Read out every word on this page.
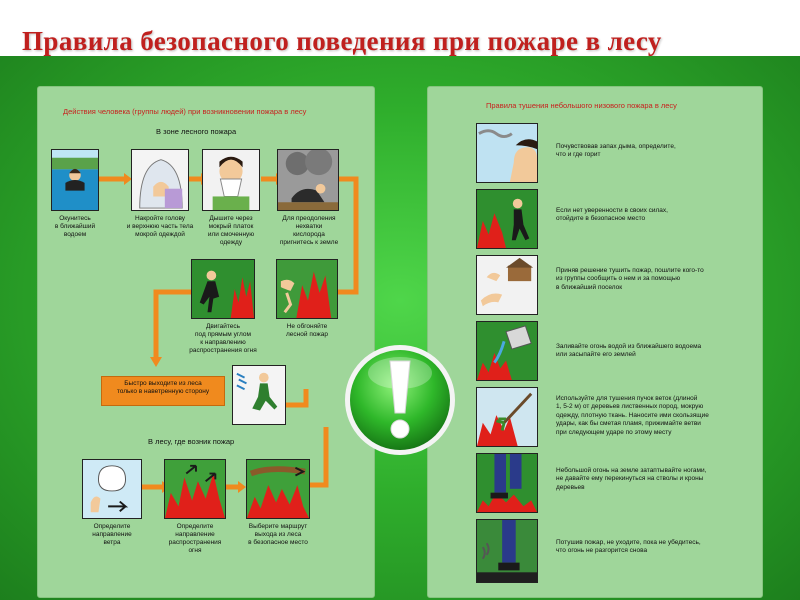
Правила безопасного поведения при пожаре в лесу
Действия человека (группы людей) при возникновении пожара в лесу
В зоне лесного пожара
Окунитесь
в ближайший
водоем
Накройте голову
и верхнюю часть тела
мокрой одеждой
Дышите через
мокрый платок
или смоченную
одежду
Для преодоления
нехватки
кислорода
пригнитесь к земле
Двигайтесь
под прямым углом
к направлению
распространения огня
Не обгоняйте
лесной пожар
Быстро выходите из леса
только в наветренную сторону
В лесу, где возник пожар
Определите
направление
ветра
Определите
направление
распространения
огня
Выберите маршрут
выхода из леса
в безопасное место
Правила тушения небольшого низового пожара в лесу
Почувствовав запах дыма, определите,
что и где горит
Если нет уверенности в своих силах,
отойдите в безопасное место
Приняв решение тушить пожар, пошлите кого-то
из группы сообщить о нем и за помощью
в ближайший поселок
Заливайте огонь водой из ближайшего водоема
или засыпайте его землей
Используйте для тушения пучок веток (длиной
1, 5-2 м) от деревьев лиственных пород, мокрую
одежду, плотную ткань. Наносите ими скользящие
удары, как бы сметая пламя, прижимайте ветви
при следующем ударе по этому месту
Небольшой огонь на земле затаптывайте ногами,
не давайте ему перекинуться на стволы и кроны
деревьев
Потушив пожар, не уходите, пока не убедитесь,
что огонь не разгорится снова
